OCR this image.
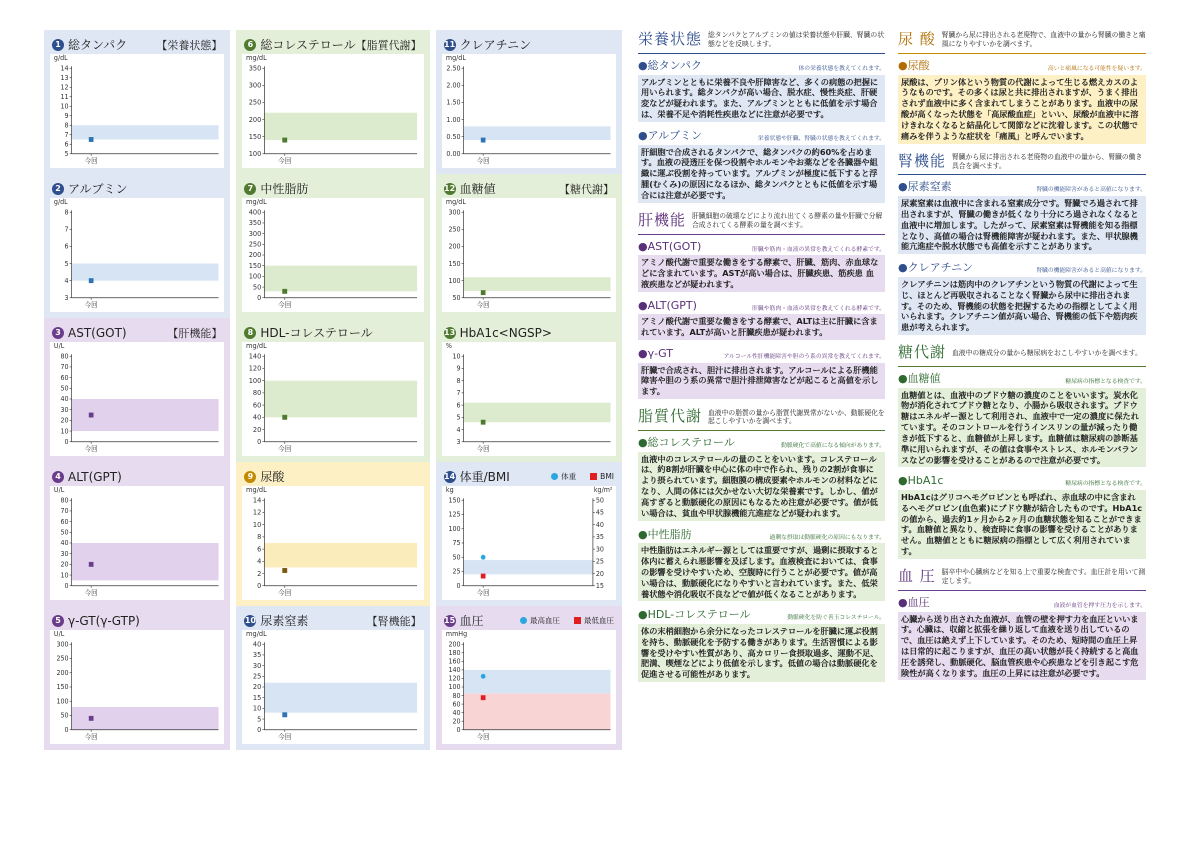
1 総タンパク	【栄養状態】
g/dL
14
13
12
11
10
9
8
7
6
5
今回
6 総コレステロール 【脂質代謝】
mg/dL
350
300
250
200
150
100
今回
11 クレアチニン
mg/dL
2.50
2.00
1.50
1.00
0.50
0.00
今回
2 アルブミン
g/dL
8
7
6
5
4
3
今回
7 中性脂肪
mg/dL
400
350
300
250
200
150
100
50
0
今回
12 血糖値	【糖代謝】
mg/dL
300
250
200
150
100
50
今回
3 AST(GOT)	【肝機能】
U/L
80
70
60
50
40
30
20
10
0
今回
8 HDL-コレステロール
mg/dL
140
120
100
80
60
40
20
0
今回
13 HbA1c<NGSP>
%
10
9
8
7
6
5
4
3
今回
4 ALT(GPT)
U/L
80
70
60
50
40
30
20
10
0
今回
9 尿酸
mg/dL
14
12
10
8
6
4
2
0
今回
14 体重/BMI	体重	BMI
kg	kg/m²
150
125
100
75
50
25
0
50
45
40
35
30
25
20
15
今回
5 γ-GT(γ-GTP)
U/L
300
250
200
150
100
50
0
今回
10 尿素窒素	【腎機能】
mg/dL
40
35
30
25
20
15
10
5
0
今回
15 血圧	最高血圧	最低血圧
mmHg
200
180
160
140
120
100
80
60
40
20
0
今回
栄養状態 総タンパクとアルブミンの値は栄養状態や肝臓、腎臓の状態などを反映します。
●総タンパク	体の栄養状態を教えてくれます。
アルブミンとともに栄養不良や肝障害など、多くの病態の把握に用いられます。総タンパクが高い場合、脱水症、慢性炎症、肝硬変などが疑われます。また、アルブミンとともに低値を示す場合は、栄養不足や消耗性疾患などに注意が必要です。
●アルブミン	栄養状態や肝臓、腎臓の状態を教えてくれます。
肝細胞で合成されるタンパクで、総タンパクの約60%を占めます。血液の浸透圧を保つ役割やホルモンやお薬などを各臓器や組織に運ぶ役割を持っています。アルブミンが極度に低下すると浮腫(むくみ)の原因になるほか、総タンパクとともに低値を示す場合には注意が必要です。
肝機能 肝臓細胞の破壊などにより流れ出てくる酵素の量や肝臓で分解合成されてくる酵素の量を調べます。
●AST(GOT)	肝臓や筋肉・血液の異常を教えてくれる酵素です。
アミノ酸代謝で重要な働きをする酵素で、肝臓、筋肉、赤血球などに含まれています。ASTが高い場合は、肝臓疾患、筋疾患 血液疾患などが疑われます。
●ALT(GPT)	肝臓や筋肉・血液の異常を教えてくれる酵素です。
アミノ酸代謝で重要な働きをする酵素で、ALTは主に肝臓に含まれています。ALTが高いと肝臓疾患が疑われます。
●γ-GT	アルコール性肝機能障害や胆のう系の異常を教えてくれます。
肝臓で合成され、胆汁に排出されます。アルコールによる肝機能障害や胆のう系の異常で胆汁排泄障害などが起こると高値を示します。
脂質代謝 血液中の脂質の量から脂質代謝異常がないか、動脈硬化を起こしやすいかを調べます。
●総コレステロール	動脈硬化で高値になる傾向があります。
血液中のコレステロールの量のことをいいます。コレステロールは、約8割が肝臓を中心に体の中で作られ、残りの2割が食事により摂られています。細胞膜の構成要素やホルモンの材料などになり、人間の体には欠かせない大切な栄養素です。しかし、値が高すぎると動脈硬化の原因にもなるため注意が必要です。値が低い場合は、貧血や甲状腺機能亢進症などが疑われます。
●中性脂肪	過剰な摂取は動脈硬化の原因にもなります。
中性脂肪はエネルギー源としては重要ですが、過剰に摂取すると体内に蓄えられ悪影響を及ぼします。血液検査においては、食事の影響を受けやすいため、空腹時に行うことが必要です。値が高い場合は、動脈硬化になりやすいと言われています。また、低栄養状態や消化吸収不良などで値が低くなることがあります。
●HDL-コレステロール	動脈硬化を防ぐ善玉コレステロール。
体の末梢細胞から余分になったコレステロールを肝臓に運ぶ役割を持ち、動脈硬化を予防する働きがあります。生活習慣による影響を受けやすい性質があり、高カロリー食摂取過多、運動不足、肥満、喫煙などにより低値を示します。低値の場合は動脈硬化を促進させる可能性があります。
尿 酸 腎臓から尿に排出される老廃物で、血液中の量から腎臓の働きと痛風になりやすいかを調べます。
●尿酸	高いと痛風になる可能性を疑います。
尿酸は、プリン体という物質の代謝によって生じる燃えカスのようなものです。その多くは尿と共に排出されますが、うまく排出されず血液中に多く含まれてしまうことがあります。血液中の尿酸が高くなった状態を「高尿酸血症」といい、尿酸が血液中に溶けきれなくなると結晶化して関節などに沈着します。この状態で痛みを伴うような症状を「痛風」と呼んでいます。
腎機能 腎臓から尿に排出される老廃物の血液中の量から、腎臓の働き具合を調べます。
●尿素窒素	腎臓の機能障害があると高値になります。
尿素窒素は血液中に含まれる窒素成分です。腎臓でろ過されて排出されますが、腎臓の働きが低くなり十分にろ過されなくなると血液中に増加します。したがって、尿素窒素は腎機能を知る指標となり、高値の場合は腎機能障害が疑われます。また、甲状腺機能亢進症や脱水状態でも高値を示すことがあります。
●クレアチニン	腎臓の機能障害があると高値になります。
クレアチニンは筋肉中のクレアチンという物質の代謝によって生じ、ほとんど再吸収されることなく腎臓から尿中に排出されます。そのため、腎機能の状態を把握するための指標としてよく用いられます。クレアチニン値が高い場合、腎機能の低下や筋肉疾患が考えられます。
糖代謝 血液中の糖成分の量から糖尿病をおこしやすいかを調べます。
●血糖値	糖尿病の指標となる検査です。
血糖値とは、血液中のブドウ糖の濃度のことをいいます。炭水化物が消化されてブドウ糖となり、小腸から吸収されます。ブドウ糖はエネルギー源として利用され、血液中で一定の濃度に保たれています。そのコントロールを行うインスリンの量が減ったり働きが低下すると、血糖値が上昇します。血糖値は糖尿病の診断基準に用いられますが、その値は食事やストレス、ホルモンバランスなどの影響を受けることがあるので注意が必要です。
●HbA1c	糖尿病の指標となる検査です。
HbA1cはグリコヘモグロビンとも呼ばれ、赤血球の中に含まれるヘモグロビン(血色素)にブドウ糖が結合したものです。HbA1cの値から、過去約1ヶ月から2ヶ月の血糖状態を知ることができます。血糖値と異なり、検査時に食事の影響を受けることがありません。血糖値とともに糖尿病の指標として広く利用されています。
血 圧 脳卒中や心臓病などを知る上で重要な検査です。血圧計を用いて測定します。
●血圧	血液が血管を押す圧力を示します。
心臓から送り出された血液が、血管の壁を押す力を血圧といいます。心臓は、収縮と拡張を繰り返して血液を送り出しているので、血圧は絶えず上下しています。そのため、短時間の血圧上昇は日常的に起こりますが、血圧の高い状態が長く持続すると高血圧を誘発し、動脈硬化、脳血管疾患や心疾患などを引き起こす危険性が高くなります。血圧の上昇には注意が必要です。
